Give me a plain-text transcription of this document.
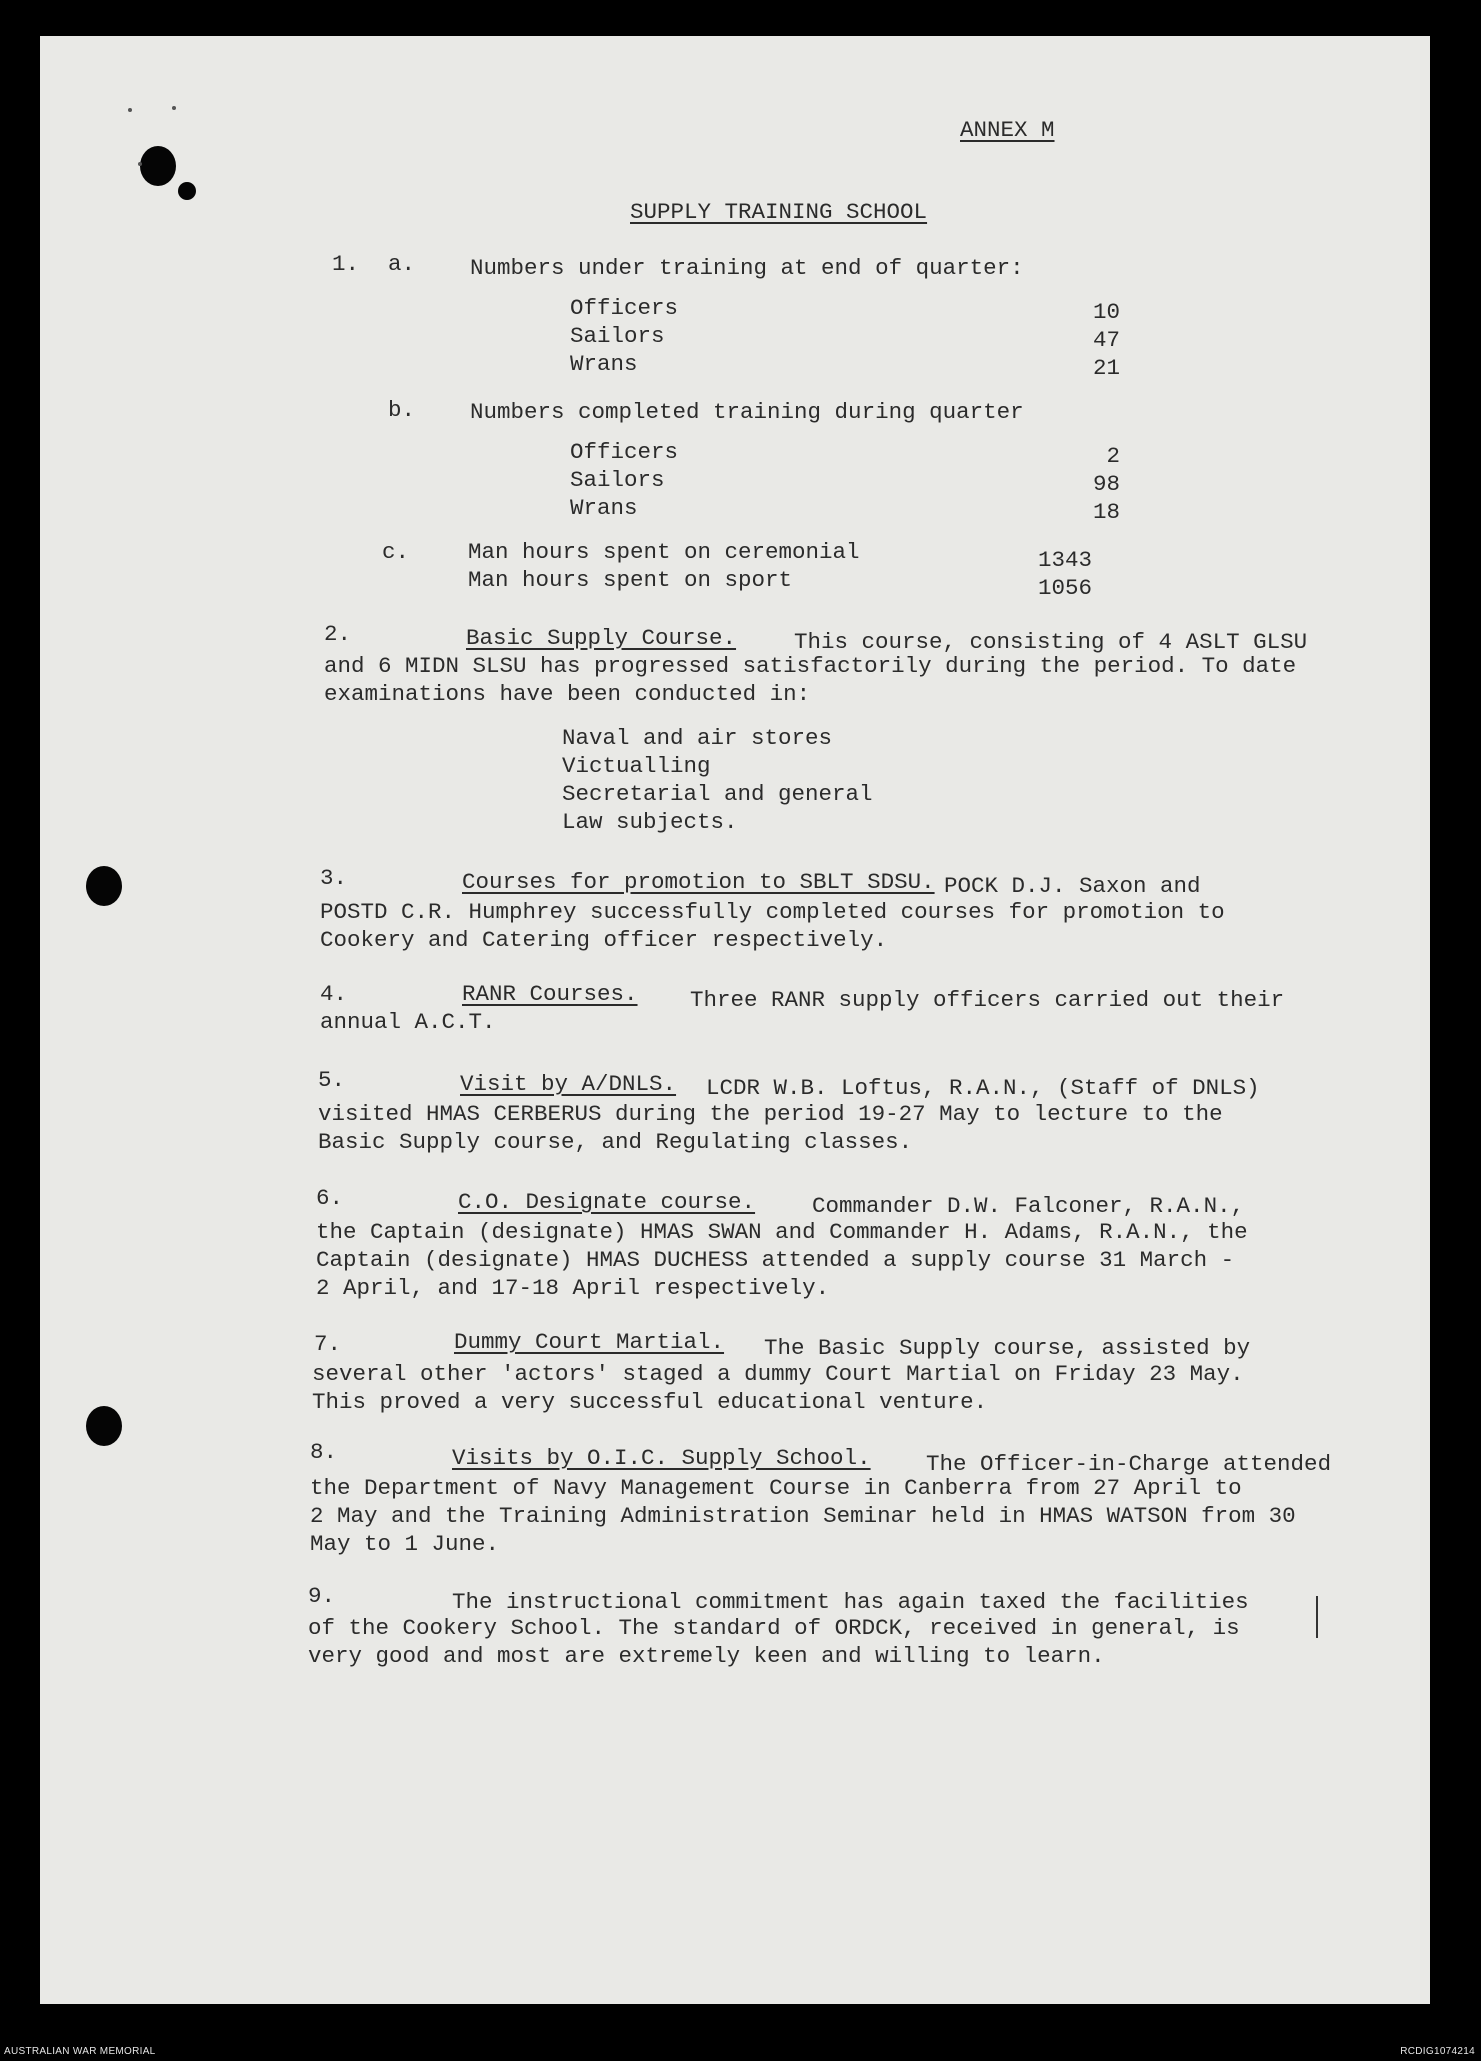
ANNEX M
SUPPLY TRAINING SCHOOL
1. a. Numbers under training at end of quarter:
Officers	10
Sailors	47
Wrans	21
b. Numbers completed training during quarter
Officers	2
Sailors	98
Wrans	18
c.	Man hours spent on ceremonial	1343
Man hours spent on sport	1056
2.	Basic Supply Course.	This course, consisting of 4 ASLT GLSU
and 6 MIDN SLSU has progressed satisfactorily during the period. To date
examinations have been conducted in:
Naval and air stores
Victualling
Secretarial and general
Law subjects.
3.	Courses for promotion to SBLT SDSU. POCK D.J. Saxon and
POSTD C.R. Humphrey successfully completed courses for promotion to
Cookery and Catering officer respectively.
4.	RANR Courses. Three RANR supply officers carried out their
annual A.C.T.
5.	Visit by A/DNLS. LCDR W.B. Loftus, R.A.N., (Staff of DNLS)
visited HMAS CERBERUS during the period 19-27 May to lecture to the
Basic Supply course, and Regulating classes.
6.	C.O. Designate course.	Commander D.W. Falconer, R.A.N.,
the Captain (designate) HMAS SWAN and Commander H. Adams, R.A.N., the
Captain (designate) HMAS DUCHESS attended a supply course 31 March -
2 April, and 17-18 April respectively.
7.	Dummy Court Martial. The Basic Supply course, assisted by
several other 'actors' staged a dummy Court Martial on Friday 23 May.
This proved a very successful educational venture.
8.	Visits by O.I.C. Supply School. The Officer-in-Charge attended
the Department of Navy Management Course in Canberra from 27 April to
2 May and the Training Administration Seminar held in HMAS WATSON from 30
May to 1 June.
9.	The instructional commitment has again taxed the facilities
of the Cookery School. The standard of ORDCK, received in general, is
very good and most are extremely keen and willing to learn.
AUSTRALIAN WAR MEMORIAL	RCDIG1074214
